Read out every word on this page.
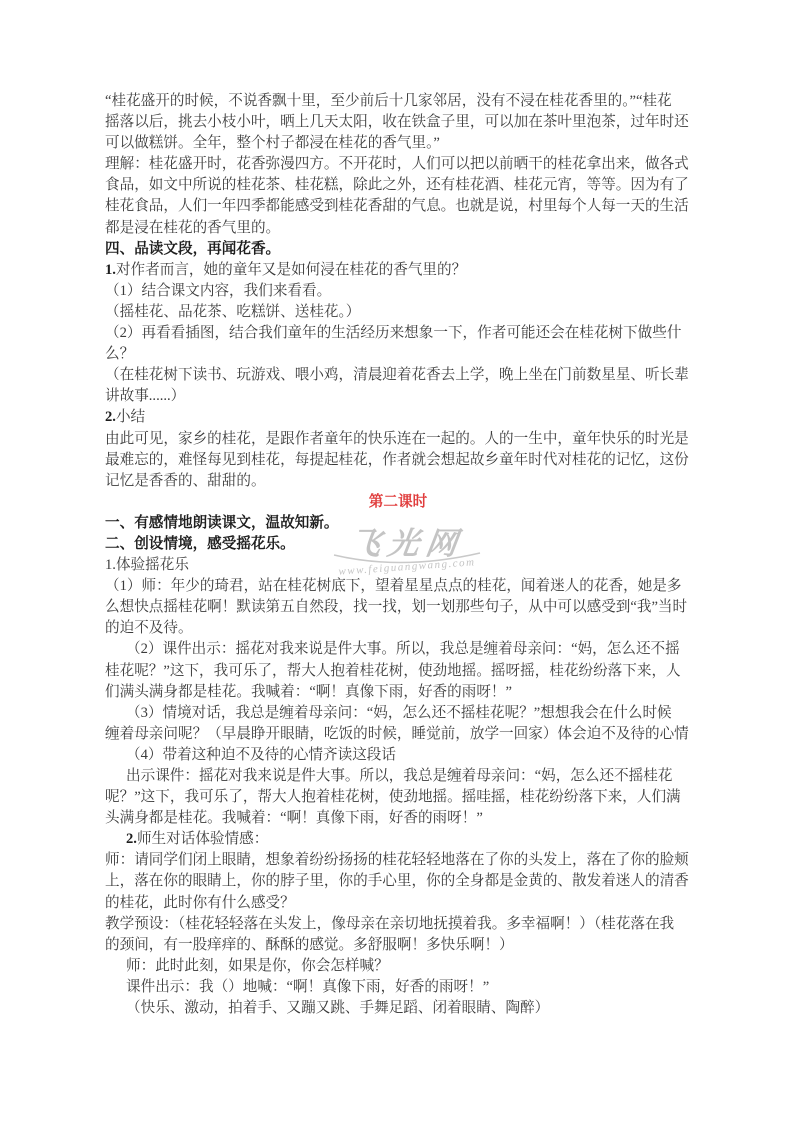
飞光网
www.feiguangwang.com
“桂花盛开的时候，不说香飘十里，至少前后十几家邻居，没有不浸在桂花香里的。”“桂花
摇落以后，挑去小枝小叶，晒上几天太阳，收在铁盒子里，可以加在茶叶里泡茶，过年时还
可以做糕饼。全年，整个村子都浸在桂花的香气里。”
理解：桂花盛开时，花香弥漫四方。不开花时，人们可以把以前晒干的桂花拿出来，做各式
食品，如文中所说的桂花茶、桂花糕，除此之外，还有桂花酒、桂花元宵，等等。因为有了
桂花食品，人们一年四季都能感受到桂花香甜的气息。也就是说，村里每个人每一天的生活
都是浸在桂花的香气里的。
四、品读文段，再闻花香。
1.对作者而言，她的童年又是如何浸在桂花的香气里的？
（1）结合课文内容，我们来看看。
（摇桂花、品花茶、吃糕饼、送桂花。）
（2）再看看插图，结合我们童年的生活经历来想象一下，作者可能还会在桂花树下做些什
么？
（在桂花树下读书、玩游戏、喂小鸡，清晨迎着花香去上学，晚上坐在门前数星星、听长辈
讲故事......）
2.小结
由此可见，家乡的桂花，是跟作者童年的快乐连在一起的。人的一生中，童年快乐的时光是
最难忘的，难怪每见到桂花，每提起桂花，作者就会想起故乡童年时代对桂花的记忆，这份
记忆是香香的、甜甜的。
第二课时
一、有感情地朗读课文，温故知新。
二、创设情境，感受摇花乐。
1.体验摇花乐
（1）师：年少的琦君，站在桂花树底下，望着星星点点的桂花，闻着迷人的花香，她是多
么想快点摇桂花啊！默读第五自然段，找一找，划一划那些句子，从中可以感受到“我”当时
的迫不及待。
（2）课件出示：摇花对我来说是件大事。所以，我总是缠着母亲问：“妈，怎么还不摇
桂花呢？”这下，我可乐了，帮大人抱着桂花树，使劲地摇。摇呀摇，桂花纷纷落下来，人
们满头满身都是桂花。我喊着：“啊！真像下雨，好香的雨呀！”
（3）情境对话，我总是缠着母亲问：“妈，怎么还不摇桂花呢？”想想我会在什么时候
缠着母亲问呢？（早晨睁开眼睛，吃饭的时候，睡觉前，放学一回家）体会迫不及待的心情
（4）带着这种迫不及待的心情齐读这段话
出示课件：摇花对我来说是件大事。所以，我总是缠着母亲问：“妈，怎么还不摇桂花
呢？”这下，我可乐了，帮大人抱着桂花树，使劲地摇。摇哇摇，桂花纷纷落下来，人们满
头满身都是桂花。我喊着：“啊！真像下雨，好香的雨呀！”
2.师生对话体验情感：
师：请同学们闭上眼睛，想象着纷纷扬扬的桂花轻轻地落在了你的头发上，落在了你的脸颊
上，落在你的眼睛上，你的脖子里，你的手心里，你的全身都是金黄的、散发着迷人的清香
的桂花，此时你有什么感受？
教学预设：（桂花轻轻落在头发上，像母亲在亲切地抚摸着我。多幸福啊！）（桂花落在我
的颈间，有一股痒痒的、酥酥的感觉。多舒服啊！多快乐啊！）
师：此时此刻，如果是你，你会怎样喊？
课件出示：我（）地喊：“啊！真像下雨，好香的雨呀！”
（快乐、激动，拍着手、又蹦又跳、手舞足蹈、闭着眼睛、陶醉）
